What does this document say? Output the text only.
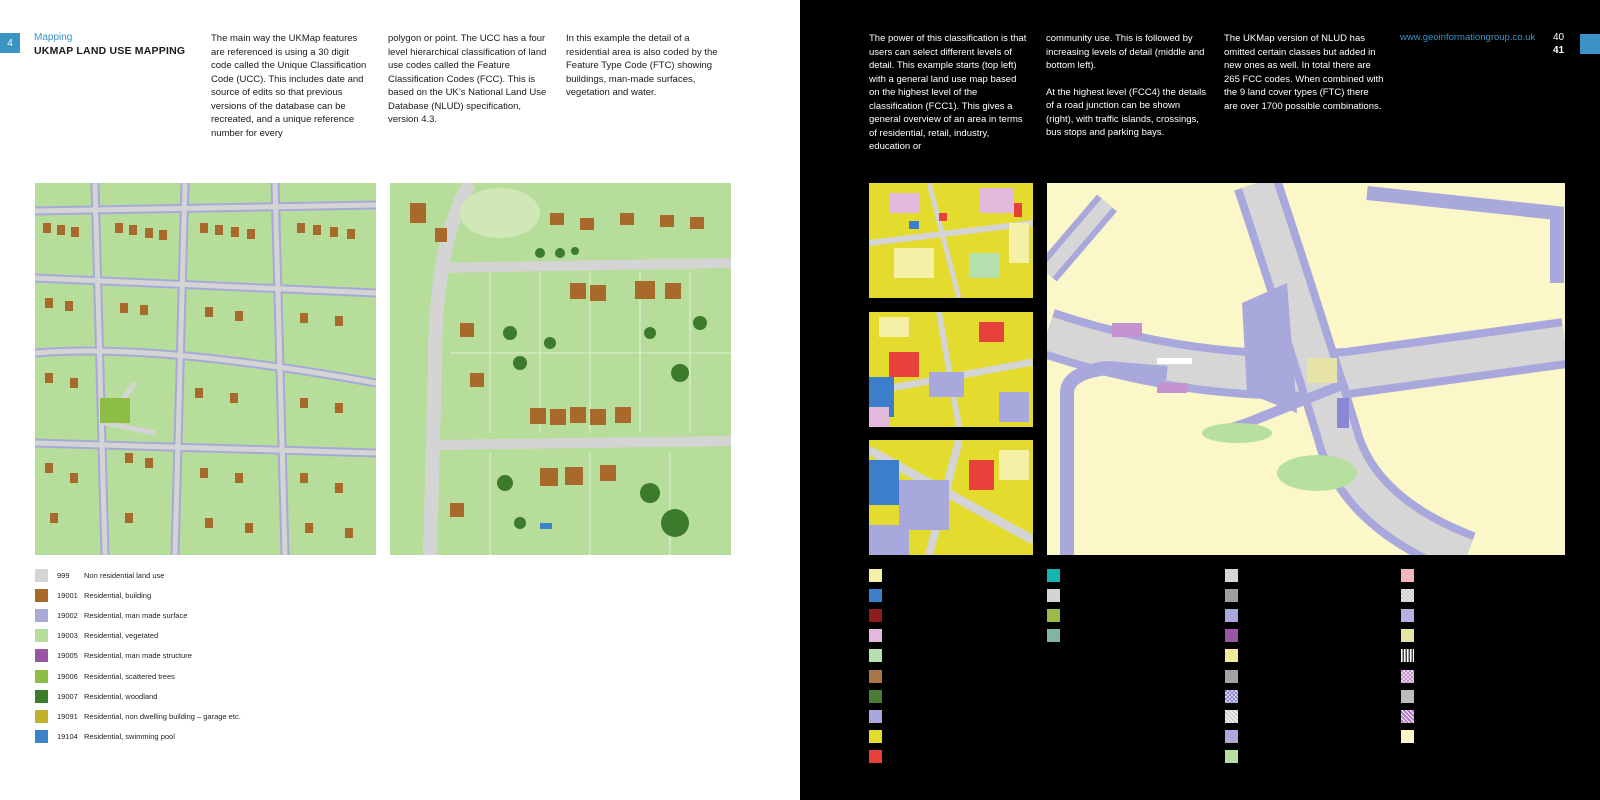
4 Mapping
UKMAP LAND USE MAPPING
The main way the UKMap features are referenced is using a 30 digit code called the Unique Classification Code (UCC). This includes date and source of edits so that previous versions of the database can be recreated, and a unique reference number for every
polygon or point. The UCC has a four level hierarchical classification of land use codes called the Feature Classification Codes (FCC). This is based on the UK’s National Land Use Database (NLUD) specification, version 4.3.
In this example the detail of a residential area is also coded by the Feature Type Code (FTC) showing buildings, man-made surfaces, vegetation and water.
999	Non residential land use
19001 Residential, building
19002 Residential, man made surface
19003 Residential, vegetated
19005 Residential, man made structure
19006 Residential, scattered trees
19007 Residential, woodland
19091 Residential, non dwelling building – garage etc.
19104 Residential, swimming pool
The power of this classification is that users can select different levels of detail. This example starts (top left) with a general land use map based on the highest level of the classification (FCC1). This gives a general overview of an area in terms of residential, retail, industry, education or
community use. This is followed by increasing levels of detail (middle and bottom left).
At the highest level (FCC4) the details of a road junction can be shown (right), with traffic islands, crossings, bus stops and parking bays.
The UKMap version of NLUD has omitted certain classes but added in new ones as well. In total there are 265 FCC codes. When combined with the 9 land cover types (FTC) there are over 1700 possible combinations.
www.geoinformationgroup.co.uk 40
41
11 Agriculture or open ground
12 Healthcare and community facilities
13 Legal facilities
14 Education
15 Tourism, sport and leisure
16 Industrial and commercial
17 Mineral extraction
18 Offices
19 Residential and communal
20 Retail
21 Bulk storage
22 Transport
23 Natural features
24 Utilities
0	Carriageway only
1	Footpath
2	Pedestrian precinct
4	Walkway
8	Car park
10	Light controlled crossing
11	Traffic island
12	Hashed zone
13	Pavement
14	Green verges
15 Speed humps
16 Parking area
17 Pedestrian zone
18 Keep clear zone/No parking area
28 Zebra crossing
29 Bus stop
30 Cycle lane on road
31 Bus lane on road
99 Non transport land use
